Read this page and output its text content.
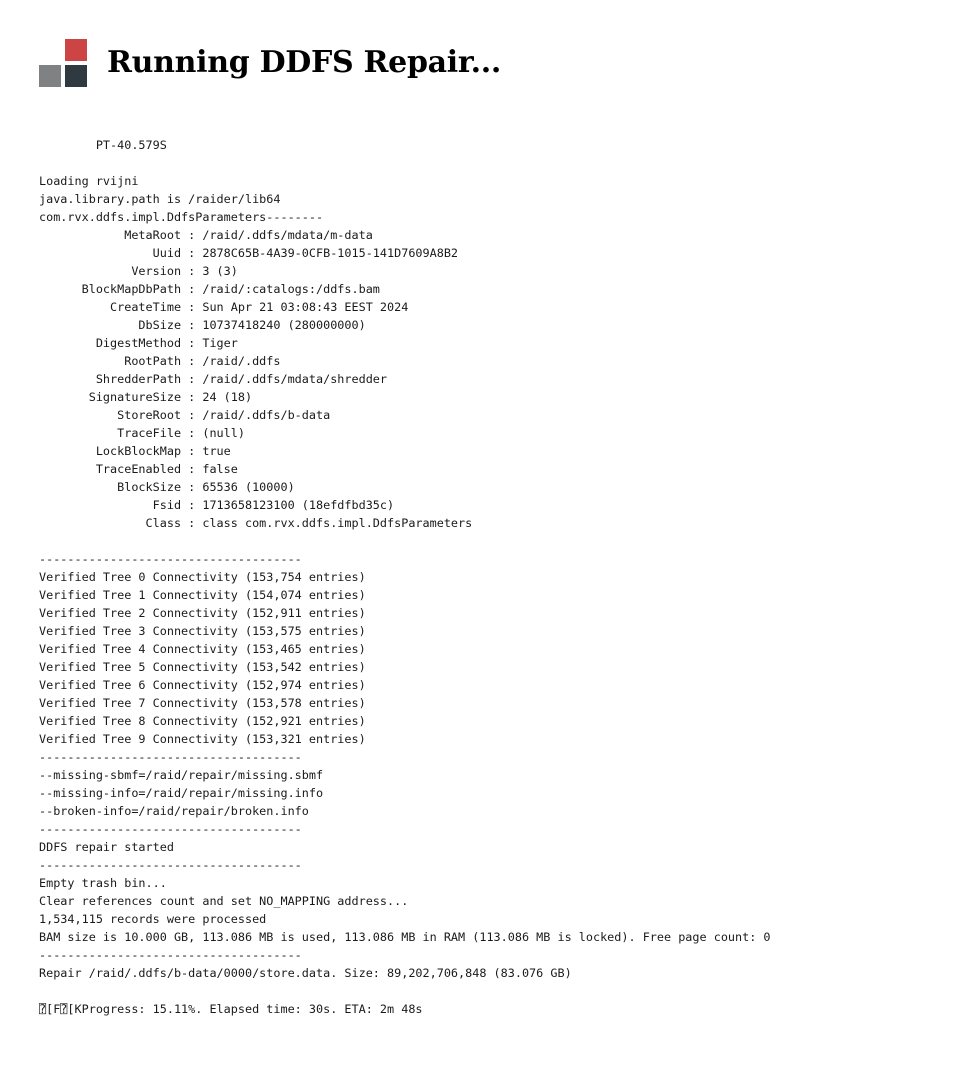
Running DDFS Repair...
PT-40.579S
Loading rvijni
java.library.path is /raider/lib64
com.rvx.ddfs.impl.DdfsParameters--------
MetaRoot : /raid/.ddfs/mdata/m-data
Uuid : 2878C65B-4A39-0CFB-1015-141D7609A8B2
Version : 3 (3)
BlockMapDbPath : /raid/:catalogs:/ddfs.bam
CreateTime : Sun Apr 21 03:08:43 EEST 2024
DbSize : 10737418240 (280000000)
DigestMethod : Tiger
RootPath : /raid/.ddfs
ShredderPath : /raid/.ddfs/mdata/shredder
SignatureSize : 24 (18)
StoreRoot : /raid/.ddfs/b-data
TraceFile : (null)
LockBlockMap : true
TraceEnabled : false
BlockSize : 65536 (10000)
Fsid : 1713658123100 (18efdfbd35c)
Class : class com.rvx.ddfs.impl.DdfsParameters
-------------------------------------
Verified Tree 0 Connectivity (153,754 entries)
Verified Tree 1 Connectivity (154,074 entries)
Verified Tree 2 Connectivity (152,911 entries)
Verified Tree 3 Connectivity (153,575 entries)
Verified Tree 4 Connectivity (153,465 entries)
Verified Tree 5 Connectivity (153,542 entries)
Verified Tree 6 Connectivity (152,974 entries)
Verified Tree 7 Connectivity (153,578 entries)
Verified Tree 8 Connectivity (152,921 entries)
Verified Tree 9 Connectivity (153,321 entries)
-------------------------------------
--missing-sbmf=/raid/repair/missing.sbmf
--missing-info=/raid/repair/missing.info
--broken-info=/raid/repair/broken.info
-------------------------------------
DDFS repair started
-------------------------------------
Empty trash bin...
Clear references count and set NO_MAPPING address...
1,534,115 records were processed
BAM size is 10.000 GB, 113.086 MB is used, 113.086 MB in RAM (113.086 MB is locked). Free page count: 0
-------------------------------------
Repair /raid/.ddfs/b-data/0000/store.data. Size: 89,202,706,848 (83.076 GB)
⍰[F⍰[KProgress: 15.11%. Elapsed time: 30s. ETA: 2m 48s
